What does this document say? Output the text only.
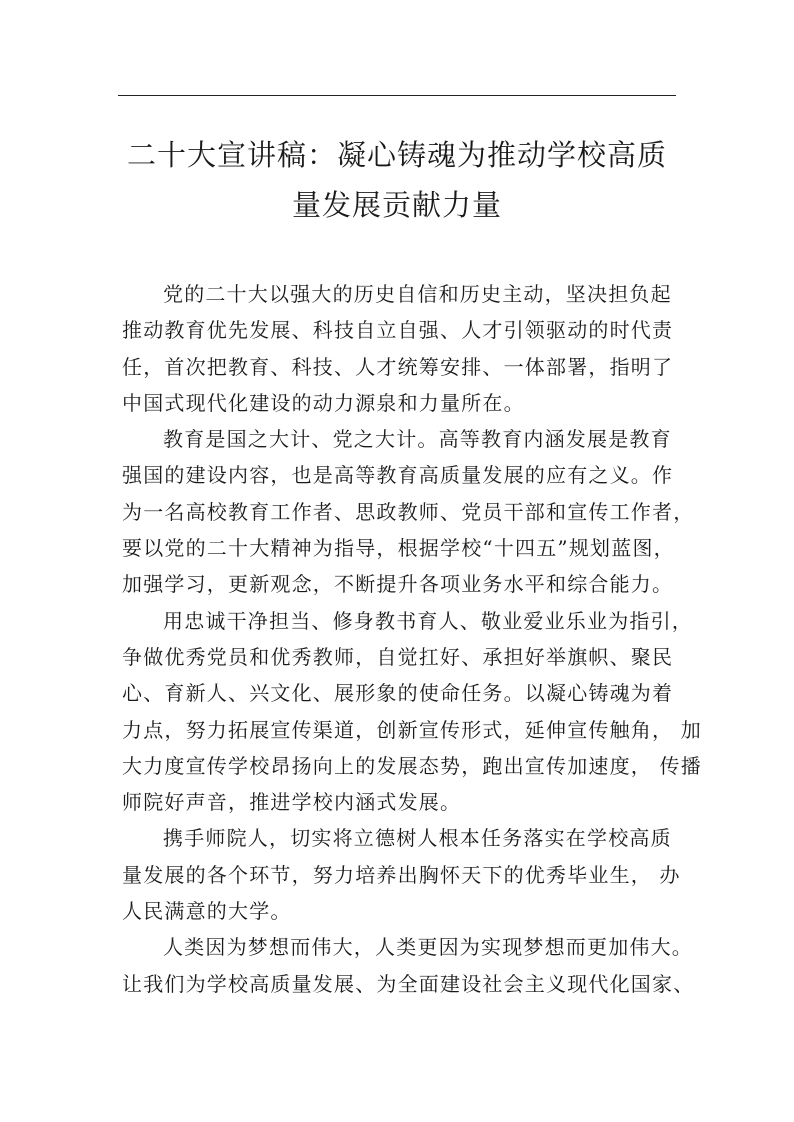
二十大宣讲稿：凝心铸魂为推动学校高质
量发展贡献力量
党的二十大以强大的历史自信和历史主动，坚决担负起
推动教育优先发展、科技自立自强、人才引领驱动的时代责
任，首次把教育、科技、人才统筹安排、一体部署，指明了
中国式现代化建设的动力源泉和力量所在。
教育是国之大计、党之大计。高等教育内涵发展是教育
强国的建设内容，也是高等教育高质量发展的应有之义。作
为一名高校教育工作者、思政教师、党员干部和宣传工作者，
要以党的二十大精神为指导，根据学校“十四五”规划蓝图，
加强学习，更新观念，不断提升各项业务水平和综合能力。
用忠诚干净担当、修身教书育人、敬业爱业乐业为指引，
争做优秀党员和优秀教师，自觉扛好、承担好举旗帜、聚民
心、育新人、兴文化、展形象的使命任务。以凝心铸魂为着
力点，努力拓展宣传渠道，创新宣传形式，延伸宣传触角， 加
大力度宣传学校昂扬向上的发展态势，跑出宣传加速度， 传播
师院好声音，推进学校内涵式发展。
携手师院人，切实将立德树人根本任务落实在学校高质
量发展的各个环节，努力培养出胸怀天下的优秀毕业生， 办
人民满意的大学。
人类因为梦想而伟大，人类更因为实现梦想而更加伟大。
让我们为学校高质量发展、为全面建设社会主义现代化国家、
